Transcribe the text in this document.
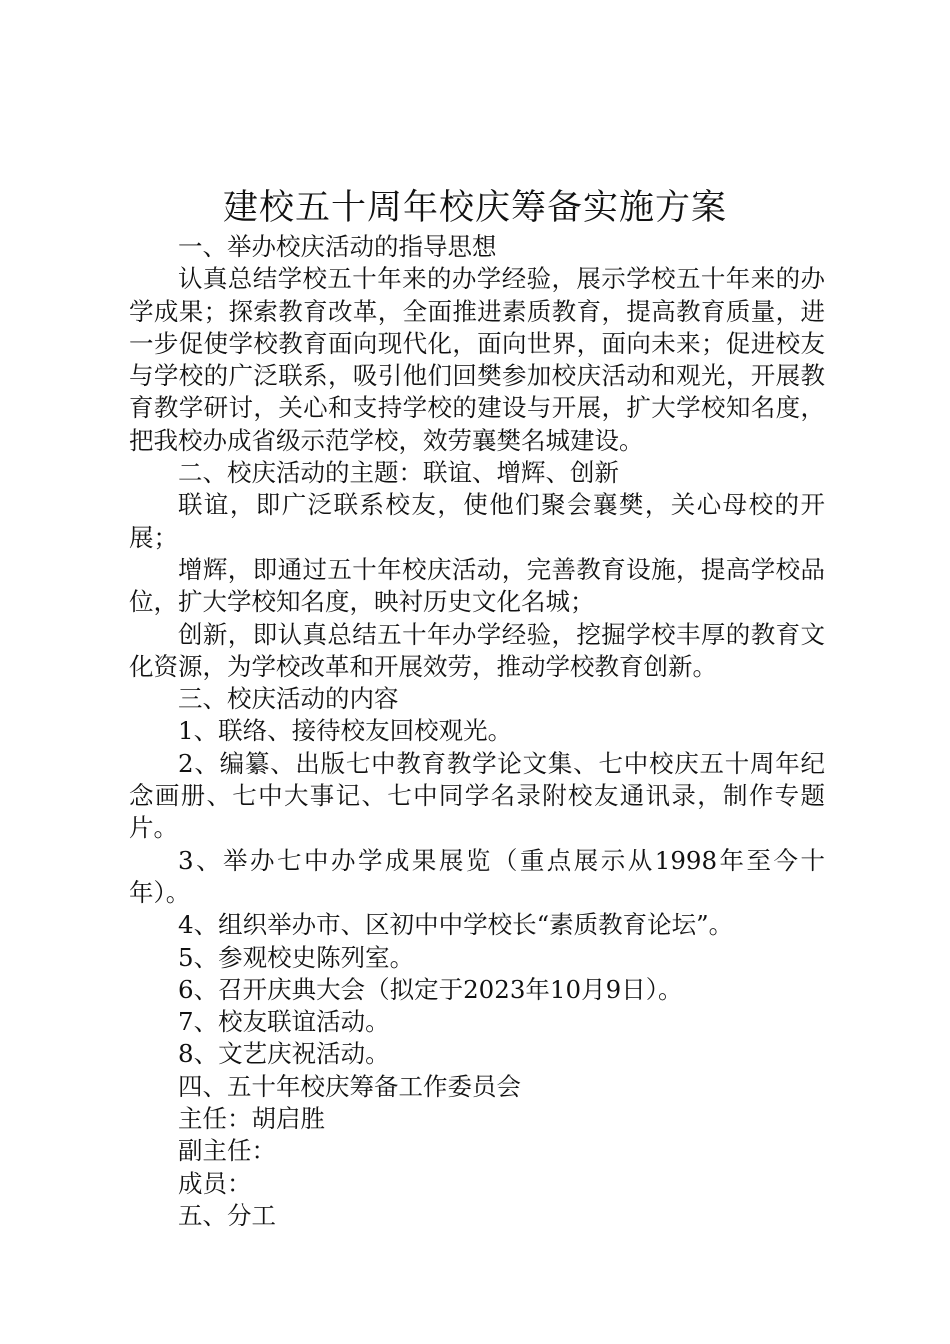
建校五十周年校庆筹备实施方案

一、举办校庆活动的指导思想

认真总结学校五十年来的办学经验，展示学校五十年来的办学成果；探索教育改革，全面推进素质教育，提高教育质量，进一步促使学校教育面向现代化，面向世界，面向未来；促进校友与学校的广泛联系，吸引他们回樊参加校庆活动和观光，开展教育教学研讨，关心和支持学校的建设与开展，扩大学校知名度，把我校办成省级示范学校，效劳襄樊名城建设。

二、校庆活动的主题：联谊、增辉、创新

联谊，即广泛联系校友，使他们聚会襄樊，关心母校的开展；

增辉，即通过五十年校庆活动，完善教育设施，提高学校品位，扩大学校知名度，映衬历史文化名城；

创新，即认真总结五十年办学经验，挖掘学校丰厚的教育文化资源，为学校改革和开展效劳，推动学校教育创新。

三、校庆活动的内容

1、联络、接待校友回校观光。

2、编纂、出版七中教育教学论文集、七中校庆五十周年纪念画册、七中大事记、七中同学名录附校友通讯录，制作专题片。

3、举办七中办学成果展览（重点展示从1998年至今十年）。

4、组织举办市、区初中中学校长“素质教育论坛”。

5、参观校史陈列室。

6、召开庆典大会（拟定于2023年10月9日）。

7、校友联谊活动。

8、文艺庆祝活动。

四、五十年校庆筹备工作委员会

主任：胡启胜

副主任：

成员：

五、分工
